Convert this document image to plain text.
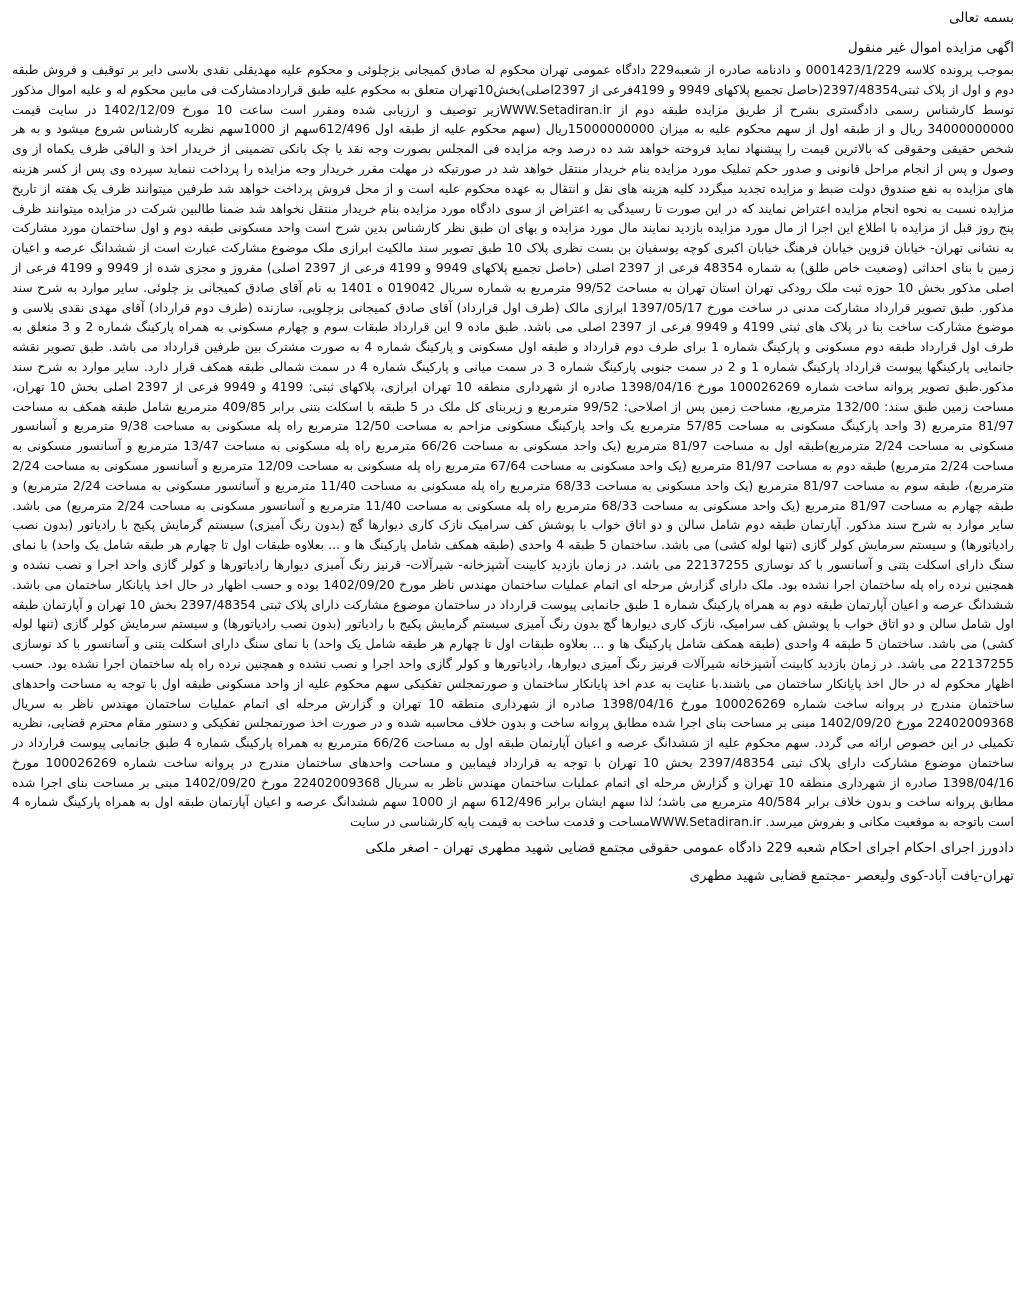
بسمه تعالی

اگهی مزایده اموال غیر منقول

بموجب پرونده کلاسه 0001423/1/229 و دادنامه صادره از شعبه229 دادگاه عمومی تهران محکوم له صادق کمیجانی بزچلوئی و محکوم علیه مهدیقلی نقدی بلاسی دایر بر توقیف و فروش طبقه دوم و اول از پلاک ثبتی2397/48354(حاصل تجمیع پلاکهای 9949 و 4199فرعی از 2397اصلی)بخش10تهران متعلق به محکوم علیه طبق قراردادمشارکت فی مابین محکوم له و علیه اموال مذکور توسط کارشناس رسمی دادگستری بشرح از طریق مزایده طبقه دوم از WWW.Setadiran.irزیر توصیف و ارزیابی شده ومقرر است ساعت 10 مورخ 1402/12/09 در سایت قیمت 34000000000 ریال و از طبقه اول از سهم محکوم علیه به میزان 15000000000ریال (سهم محکوم علیه از طبقه اول 612/496سهم از 1000سهم نظریه کارشناس شروع میشود و به هر شخص حقیقی وحقوقی که بالاترین قیمت را پیشنهاد نماید فروخته خواهد شد ده درصد وجه مزایده فی المجلس بصورت وجه نقد یا چک بانکی تضمینی از خریدار اخذ و الباقی ظرف یکماه از وی وصول و پس از انجام مراحل قانونی و صدور حکم تملیک مورد مزایده بنام خریدار منتقل خواهد شد در صورتیکه در مهلت مقرر خریدار وجه مزایده را پرداخت ننماید سپرده وی پس از کسر هزینه های مزایده به نفع صندوق دولت ضبط و مزایده تجدید میگردد کلیه هزینه های نقل و انتقال به عهده محکوم علیه است و از محل فروش پرداخت خواهد شد طرفین میتوانند ظرف یک هفته از تاریخ مزایده نسبت به نحوه انجام مزایده اعتراض نمایند که در این صورت تا رسیدگی به اعتراض از سوی دادگاه مورد مزایده بنام خریدار منتقل نخواهد شد ضمنا طالبین شرکت در مزایده میتوانند ظرف پنج روز قبل از مزایده با اطلاع این اجرا از مال مورد مزایده بازدید نمایند مال مورد مزایده و بهای ان طبق نظر کارشناس بدین شرح است واحد مسکونی طبقه دوم و اول ساختمان مورد مشارکت به نشانی تهران- خیابان قزوین خیابان فرهنگ خیابان اکبری کوچه یوسفیان بن بست نظری پلاک 10 طبق تصویر سند مالکیت ابرازی ملک موضوع مشارکت عبارت است از ششدانگ عرصه و اعیان زمین با بنای احداثی (وضعیت خاص طلق) به شماره 48354 فرعی از 2397 اصلی (حاصل تجمیع پلاکهای 9949 و 4199 فرعی از 2397 اصلی) مفروز و مجزی شده از 9949 و 4199 فرعی از اصلی مذکور بخش 10 حوزه ثبت ملک رودکی تهران استان تهران به مساحت 99/52 مترمربع به شماره سریال 019042 ه 1401 به نام آقای صادق کمیجانی بز چلوئی. سایر موارد به شرح سند مذکور. طبق تصویر قرارداد مشارکت مدنی در ساخت مورخ 1397/05/17 ابرازی مالک (طرف اول قرارداد) آقای صادق کمیجانی بزچلویی، سازنده (طرف دوم قرارداد) آقای مهدی نقدی بلاسی و موضوع مشارکت ساخت بنا در پلاک های ثبتی 4199 و 9949 فرعی از 2397 اصلی می باشد. طبق ماده 9 این قرارداد طبقات سوم و چهارم مسکونی به همراه پارکینگ شماره 2 و 3 متعلق به طرف اول قرارداد طبقه دوم مسکونی و پارکینگ شماره 1 برای طرف دوم قرارداد و طبقه اول مسکونی و پارکینگ شماره 4 به صورت مشترک بین طرفین قرارداد می باشد. طبق تصویر نقشه جانمایی پارکینگها پیوست قرارداد پارکینگ شماره 1 و 2 در سمت جنوبی پارکینگ شماره 3 در سمت میانی و پارکینگ شماره 4 در سمت شمالی طبقه همکف قرار دارد. سایر موارد به شرح سند مذکور.طبق تصویر پروانه ساخت شماره 100026269 مورخ 1398/04/16 صادره از شهرداری منطقه 10 تهران ابرازی، پلاکهای ثبتی: 4199 و 9949 فرعی از 2397 اصلی بخش 10 تهران، مساحت زمین طبق سند: 132/00 مترمربع، مساحت زمین پس از اصلاحی: 99/52 مترمربع و زیربنای کل ملک در 5 طبقه با اسکلت بتنی برابر 409/85 مترمربع شامل طبقه همکف به مساحت 81/97 مترمربع (3 واحد پارکینگ مسکونی به مساحت 57/85 مترمربع یک واحد پارکینگ مسکونی مزاحم به مساحت 12/50 مترمربع راه پله مسکونی به مساحت 9/38 مترمربع و آسانسور مسکونی به مساحت 2/24 مترمربع)طبقه اول به مساحت 81/97 مترمربع (یک واحد مسکونی به مساحت 66/26 مترمربع راه پله مسکونی به مساحت 13/47 مترمربع و آسانسور مسکونی به مساحت 2/24 مترمربع) طبقه دوم به مساحت 81/97 مترمربع (یک واحد مسکونی به مساحت 67/64 مترمربع راه پله مسکونی به مساحت 12/09 مترمربع و آسانسور مسکونی به مساحت 2/24 مترمربع)، طبقه سوم به مساحت 81/97 مترمربع (یک واحد مسکونی به مساحت 68/33 مترمربع راه پله مسکونی به مساحت 11/40 مترمربع و آسانسور مسکونی به مساحت 2/24 مترمربع) و طبقه چهارم به مساحت 81/97 مترمربع (یک واحد مسکونی به مساحت 68/33 مترمربع راه پله مسکونی به مساحت 11/40 مترمربع و آسانسور مسکونی به مساحت 2/24 مترمربع) می باشد. سایر موارد به شرح سند مذکور. آپارتمان طبقه دوم شامل سالن و دو اتاق خواب با پوشش کف سرامیک نازک کاری دیوارها گچ (بدون رنگ آمیزی) سیستم گرمایش پکیج با رادیاتور (بدون نصب رادیاتورها) و سیستم سرمایش کولر گازی (تنها لوله کشی) می باشد. ساختمان 5 طبقه 4 واحدی (طبقه همکف شامل پارکینگ ها و ... بعلاوه طبقات اول تا چهارم هر طبقه شامل یک واحد) با نمای سنگ دارای اسکلت بتنی و آسانسور با کد نوسازی 22137255 می باشد. در زمان بازدید کابینت آشپزخانه- شیرآلات- قرنیز رنگ آمیزی دیوارها رادیاتورها و کولر گازی واحد اجرا و نصب نشده و همچنین نرده راه پله ساختمان اجرا نشده بود. ملک دارای گزارش مرحله ای اتمام عملیات ساختمان مهندس ناظر مورخ 1402/09/20 بوده و حسب اظهار در حال اخذ پایانکار ساختمان می باشد. ششدانگ عرصه و اعیان آپارتمان طبقه دوم به همراه پارکینگ شماره 1 طبق جانمایی پیوست قرارداد در ساختمان موضوع مشارکت دارای پلاک ثبتی 2397/48354 بخش 10 تهران و آپارتمان طبقه اول شامل سالن و دو اتاق خواب با پوشش کف سرامیک، نازک کاری دیوارها گچ بدون رنگ آمیزی سیستم گرمایش پکیج با رادیاتور (بدون نصب رادیاتورها) و سیستم سرمایش کولر گازی (تنها لوله کشی) می باشد. ساختمان 5 طبقه 4 واحدی (طبقه همکف شامل پارکینگ ها و ... بعلاوه طبقات اول تا چهارم هر طبقه شامل یک واحد) با نمای سنگ دارای اسکلت بتنی و آسانسور با کد نوسازی 22137255 می باشد. در زمان بازدید کابینت آشپزخانه شیرآلات قرنیز رنگ آمیزی دیوارها، رادیاتورها و کولر گازی واحد اجرا و نصب نشده و همچنین نرده راه پله ساختمان اجرا نشده بود. حسب اظهار محکوم له در حال اخذ پایانکار ساختمان می باشند.با عنایت به عدم اخذ پایانکار ساختمان و صورتمجلس تفکیکی سهم محکوم علیه از واحد مسکونی طبقه اول با توجه به مساحت واحدهای ساختمان مندرج در پروانه ساخت شماره 100026269 مورخ 1398/04/16 صادره از شهرداری منطقه 10 تهران و گزارش مرحله ای اتمام عملیات ساختمان مهندس ناظر به سریال 22402009368 مورخ 1402/09/20 مبنی بر مساحت بنای اجرا شده مطابق پروانه ساخت و بدون خلاف محاسبه شده و در صورت اخذ صورتمجلس تفکیکی و دستور مقام محترم قضایی، نظریه تکمیلی در این خصوص ارائه می گردد. سهم محکوم علیه از ششدانگ عرصه و اعیان آپارتمان طبقه اول به مساحت 66/26 مترمربع به همراه پارکینگ شماره 4 طبق جانمایی پیوست قرارداد در ساختمان موضوع مشارکت دارای پلاک ثبتی 2397/48354 بخش 10 تهران با توجه به قرارداد فیمابین و مساحت واحدهای ساختمان مندرج در پروانه ساخت شماره 100026269 مورخ 1398/04/16 صادره از شهرداری منطقه 10 تهران و گزارش مرحله ای اتمام عملیات ساختمان مهندس ناظر به سریال 22402009368 مورخ 1402/09/20 مبنی بر مساحت بنای اجرا شده مطابق پروانه ساخت و بدون خلاف برابر 40/584 مترمربع می باشد؛ لذا سهم ایشان برابر 612/496 سهم از 1000 سهم ششدانگ عرصه و اعیان آپارتمان طبقه اول به همراه پارکینگ شماره 4 است باتوجه به موقعیت مکانی و بفروش میرسد. WWW.Setadiran.irمساحت و قدمت ساخت به قیمت پایه کارشناسی در سایت

دادورز اجرای احکام اجرای احکام شعبه 229 دادگاه عمومی حقوقی مجتمع قضایی شهید مطهری تهران - اصغر ملکی

تهران-یافت آباد-کوی ولیعصر -مجتمع قضایی شهید مطهری
